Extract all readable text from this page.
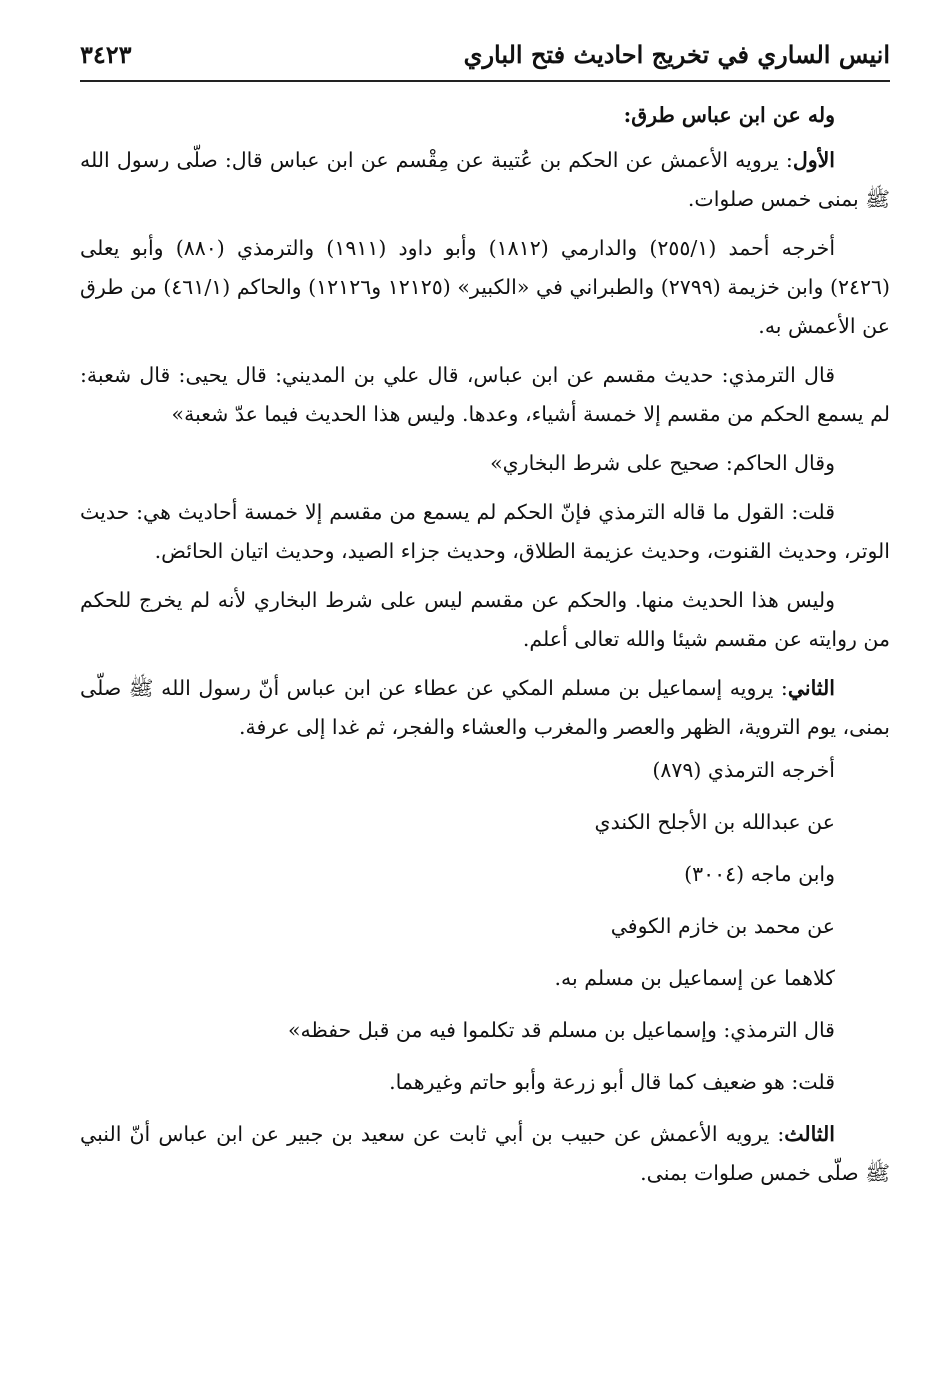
انيس الساري في تخريج احاديث فتح الباري
٣٤٢٣
وله عن ابن عباس طرق:

الأول: يرويه الأعمش عن الحكم بن عُتيبة عن مِقْسم عن ابن عباس قال: صلّى رسول الله ﷺ بمنى خمس صلوات.

أخرجه أحمد (٢٥٥/١) والدارمي (١٨١٢) وأبو داود (١٩١١) والترمذي (٨٨٠) وأبو يعلى (٢٤٢٦) وابن خزيمة (٢٧٩٩) والطبراني في «الكبير» (١٢١٢٥ و١٢١٢٦) والحاكم (٤٦١/١) من طرق عن الأعمش به.

قال الترمذي: حديث مقسم عن ابن عباس، قال علي بن المديني: قال يحيى: قال شعبة: لم يسمع الحكم من مقسم إلا خمسة أشياء، وعدها. وليس هذا الحديث فيما عدّ شعبة»

وقال الحاكم: صحيح على شرط البخاري»

قلت: القول ما قاله الترمذي فإنّ الحكم لم يسمع من مقسم إلا خمسة أحاديث هي: حديث الوتر، وحديث القنوت، وحديث عزيمة الطلاق، وحديث جزاء الصيد، وحديث اتيان الحائض.

وليس هذا الحديث منها. والحكم عن مقسم ليس على شرط البخاري لأنه لم يخرج للحكم من روايته عن مقسم شيئا والله تعالى أعلم.

الثاني: يرويه إسماعيل بن مسلم المكي عن عطاء عن ابن عباس أنّ رسول الله ﷺ صلّى بمنى، يوم التروية، الظهر والعصر والمغرب والعشاء والفجر، ثم غدا إلى عرفة.

أخرجه الترمذي (٨٧٩)
عن عبدالله بن الأجلح الكندي
وابن ماجه (٣٠٠٤)
عن محمد بن خازم الكوفي
كلاهما عن إسماعيل بن مسلم به.
قال الترمذي: وإسماعيل بن مسلم قد تكلموا فيه من قبل حفظه»
قلت: هو ضعيف كما قال أبو زرعة وأبو حاتم وغيرهما.

الثالث: يرويه الأعمش عن حبيب بن أبي ثابت عن سعيد بن جبير عن ابن عباس أنّ النبي ﷺ صلّى خمس صلوات بمنى.
